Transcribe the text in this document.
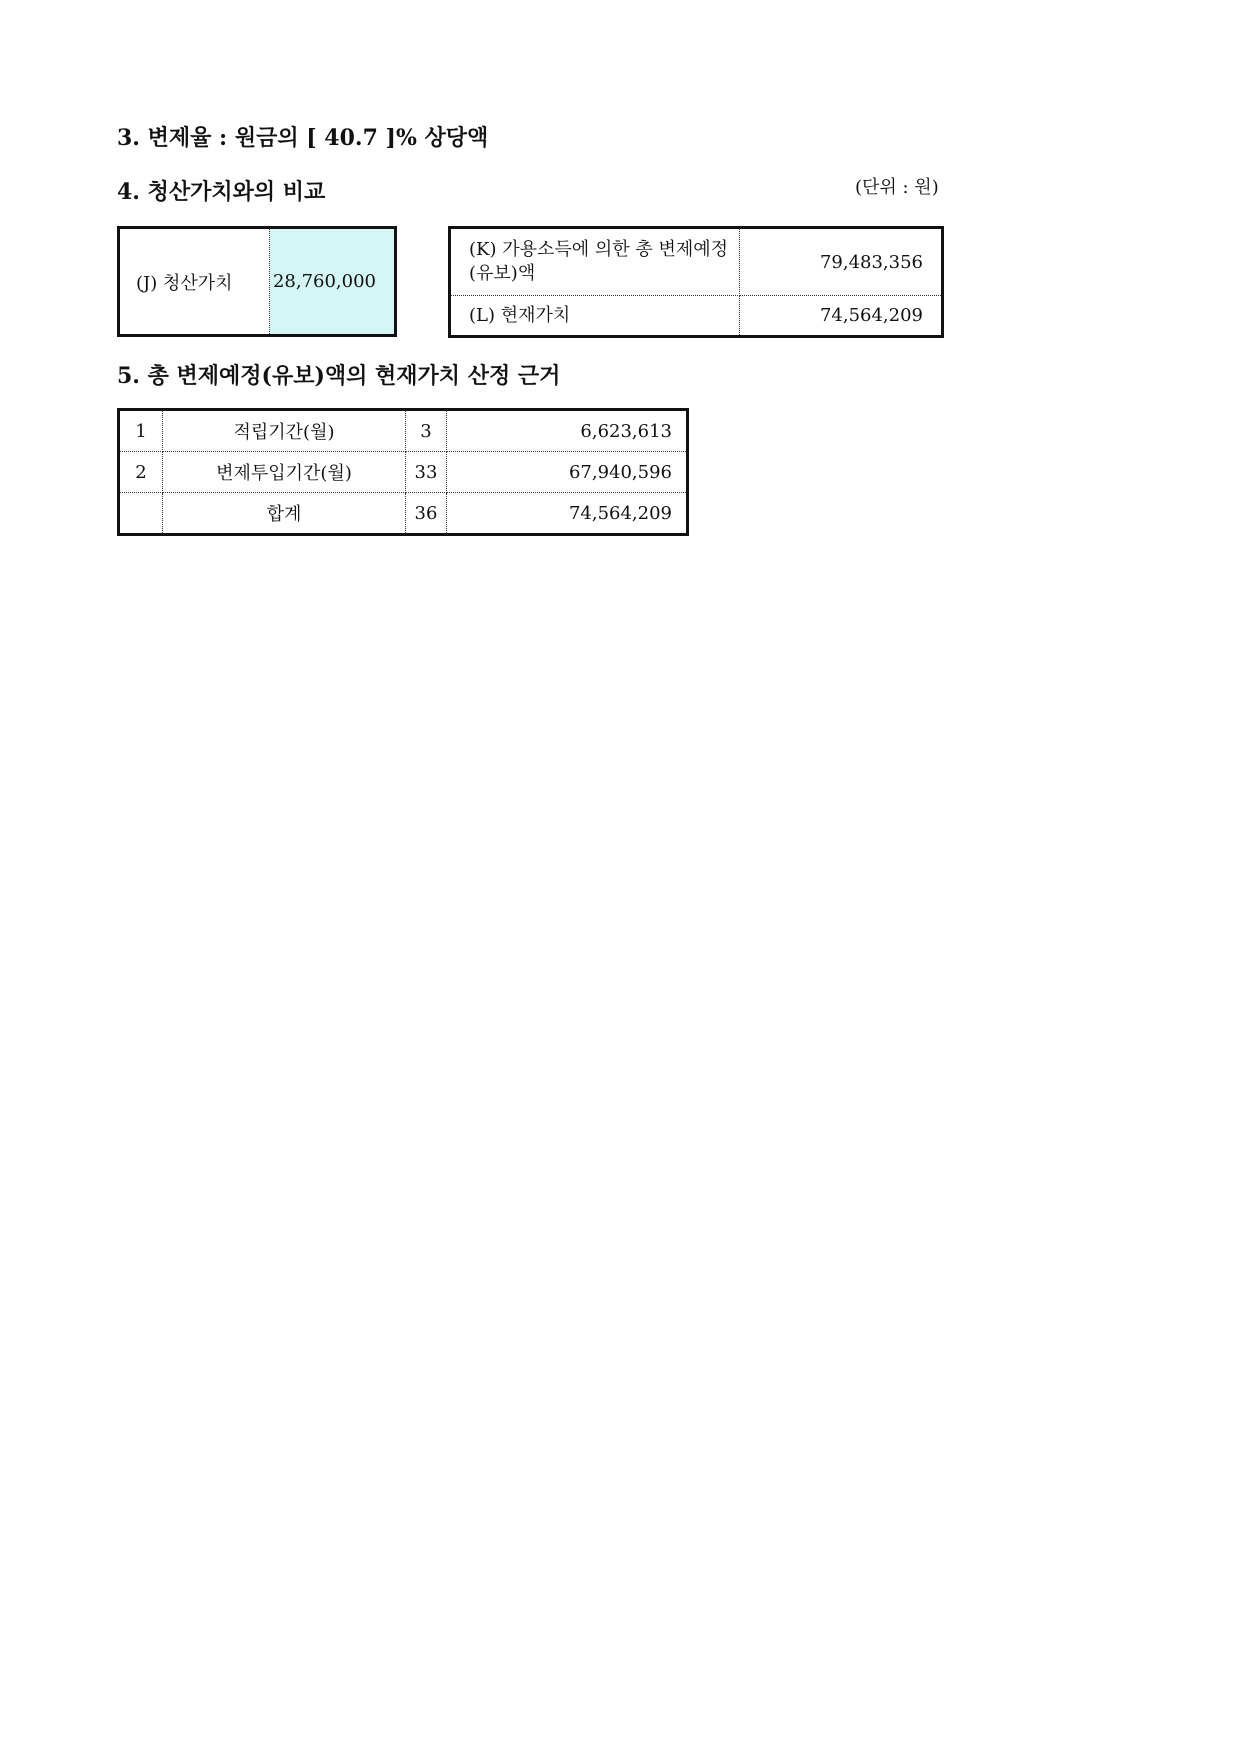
3. 변제율 : 원금의 [ 40.7 ]% 상당액
4. 청산가치와의 비교	(단위 : 원)
(J) 청산가치	28,760,000
(K) 가용소득에 의한 총 변제예정(유보)액	79,483,356
(L) 현재가치	74,564,209
5. 총 변제예정(유보)액의 현재가치 산정 근거
1	적립기간(월)	3	6,623,613
2	변제투입기간(월)	33	67,940,596
	합계	36	74,564,209
